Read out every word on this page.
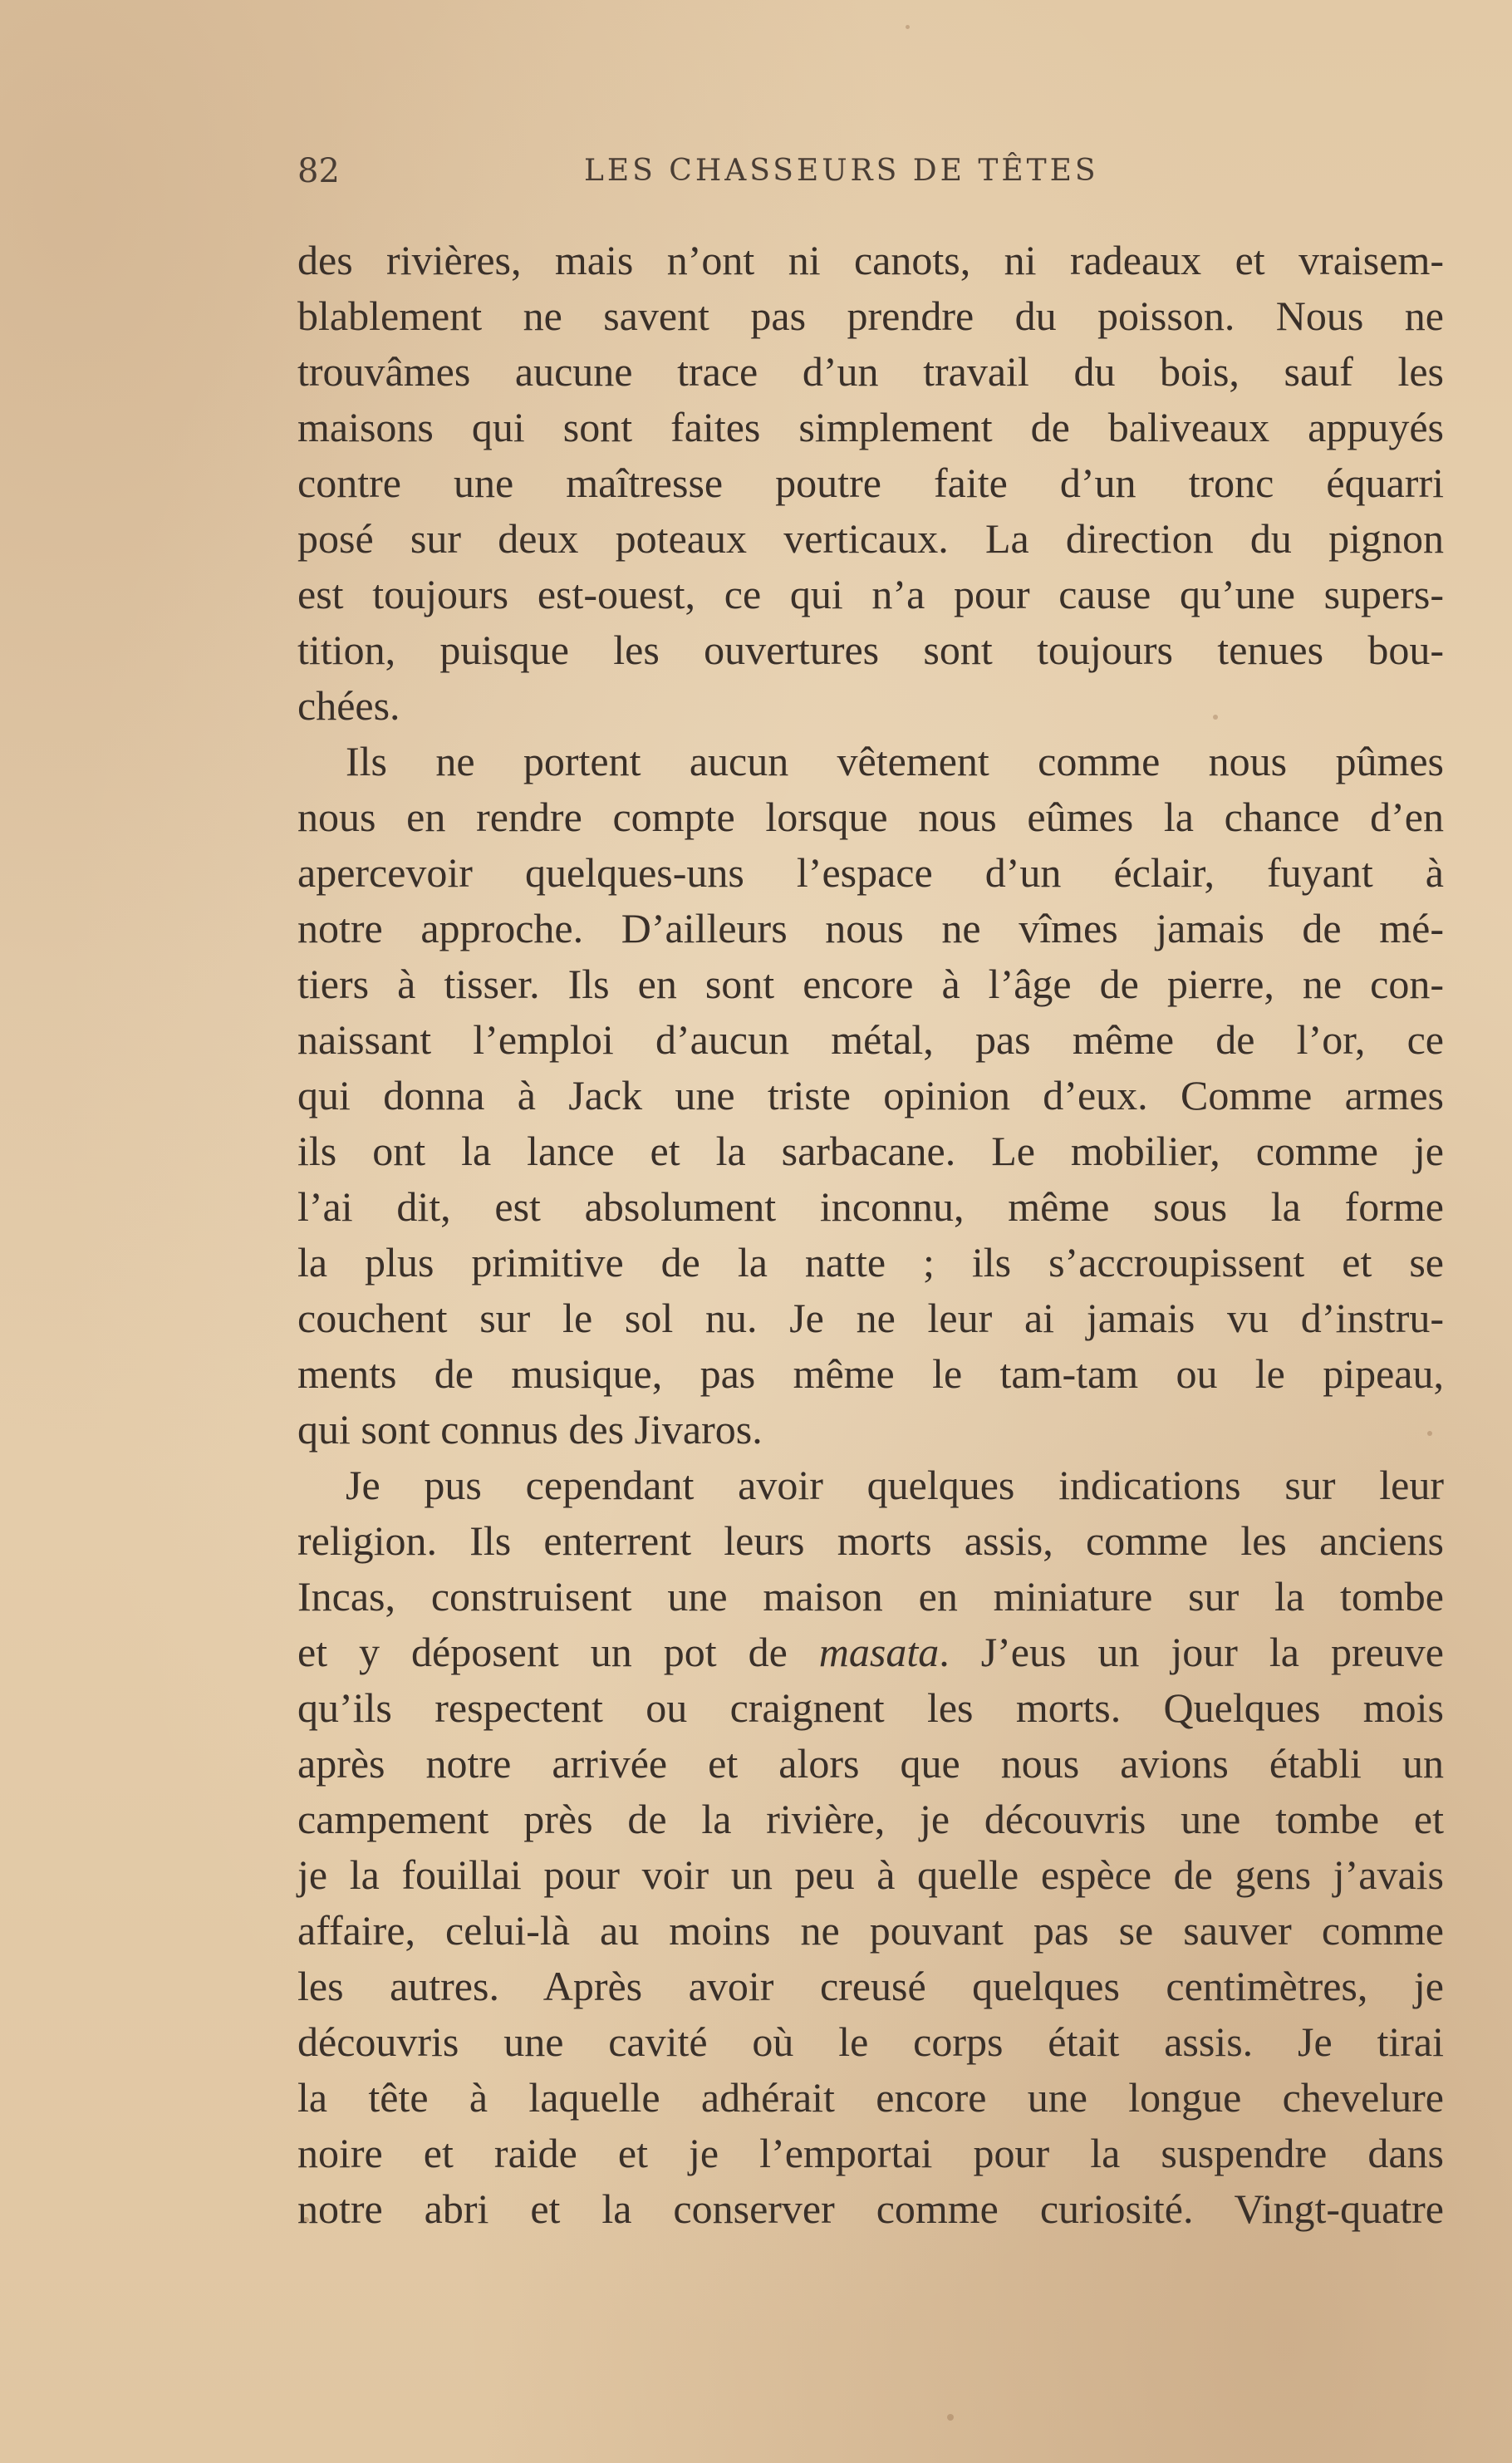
82	LES CHASSEURS DE TÊTES
des rivières, mais n’ont ni canots, ni radeaux et vraisem-
blablement ne savent pas prendre du poisson. Nous ne
trouvâmes aucune trace d’un travail du bois, sauf les
maisons qui sont faites simplement de baliveaux appuyés
contre une maîtresse poutre faite d’un tronc équarri
posé sur deux poteaux verticaux. La direction du pignon
est toujours est-ouest, ce qui n’a pour cause qu’une supers-
tition, puisque les ouvertures sont toujours tenues bou-
chées.
Ils ne portent aucun vêtement comme nous pûmes
nous en rendre compte lorsque nous eûmes la chance d’en
apercevoir quelques-uns l’espace d’un éclair, fuyant à
notre approche. D’ailleurs nous ne vîmes jamais de mé-
tiers à tisser. Ils en sont encore à l’âge de pierre, ne con-
naissant l’emploi d’aucun métal, pas même de l’or, ce
qui donna à Jack une triste opinion d’eux. Comme armes
ils ont la lance et la sarbacane. Le mobilier, comme je
l’ai dit, est absolument inconnu, même sous la forme
la plus primitive de la natte ; ils s’accroupissent et se
couchent sur le sol nu. Je ne leur ai jamais vu d’instru-
ments de musique, pas même le tam-tam ou le pipeau,
qui sont connus des Jivaros.
Je pus cependant avoir quelques indications sur leur
religion. Ils enterrent leurs morts assis, comme les anciens
Incas, construisent une maison en miniature sur la tombe
et y déposent un pot de masata. J’eus un jour la preuve
qu’ils respectent ou craignent les morts. Quelques mois
après notre arrivée et alors que nous avions établi un
campement près de la rivière, je découvris une tombe et
je la fouillai pour voir un peu à quelle espèce de gens j’avais
affaire, celui-là au moins ne pouvant pas se sauver comme
les autres. Après avoir creusé quelques centimètres, je
découvris une cavité où le corps était assis. Je tirai
la tête à laquelle adhérait encore une longue chevelure
noire et raide et je l’emportai pour la suspendre dans
notre abri et la conserver comme curiosité. Vingt-quatre
